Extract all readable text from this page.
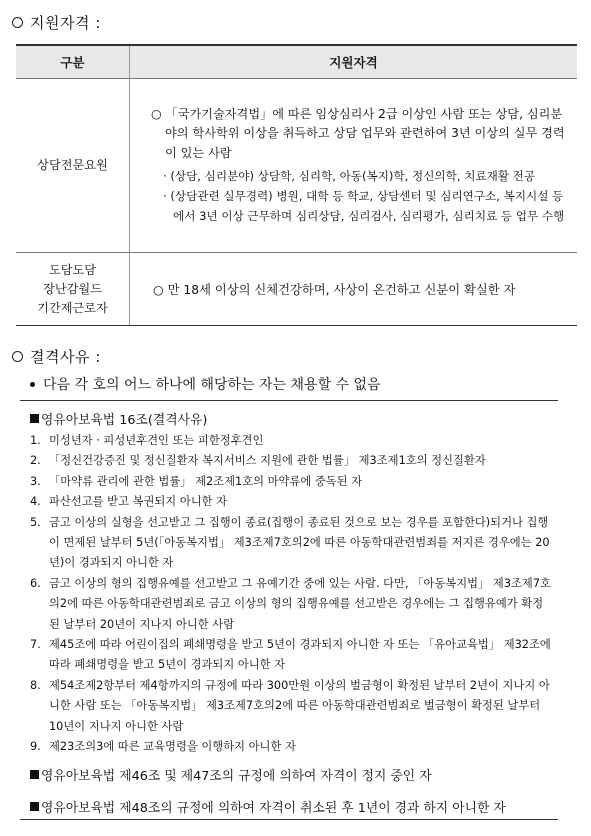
지원자격 :
구분	지원자격
상담전문요원	○ 「국가기술자격법」에 따른 임상심리사 2급 이상인 사람 또는 상담, 심리분야의 학사학위 이상을 취득하고 상담 업무와 관련하여 3년 이상의 실무 경력이 있는 사람
· (상담, 심리분야) 상담학, 심리학, 아동(복지)학, 정신의학, 치료재활 전공
· (상담관련 실무경력) 병원, 대학 등 학교, 상담센터 및 심리연구소, 복지시설 등에서 3년 이상 근무하며 심리상담, 심리검사, 심리평가, 심리치료 등 업무 수행

도담도담
장난감월드
기간제근로자	○ 만 18세 이상의 신체건강하며, 사상이 온건하고 신분이 확실한 자
결격사유 :
다음 각 호의 어느 하나에 해당하는 자는 채용할 수 없음
영유아보육법 16조(결격사유)
1. 미성년자 · 피성년후견인 또는 피한정후견인
2. 「정신건강증진 및 정신질환자 복지서비스 지원에 관한 법률」 제3조제1호의 정신질환자
3. 「마약류 관리에 관한 법률」 제2조제1호의 마약류에 중독된 자
4. 파산선고를 받고 복권되지 아니한 자
5. 금고 이상의 실형을 선고받고 그 집행이 종료(집행이 종료된 것으로 보는 경우를 포함한다)되거나 집행이 면제된 날부터 5년(「아동복지법」 제3조제7호의2에 따른 아동학대관련범죄를 저지른 경우에는 20년)이 경과되지 아니한 자
6. 금고 이상의 형의 집행유예를 선고받고 그 유예기간 중에 있는 사람. 다만, 「아동복지법」 제3조제7호의2에 따른 아동학대관련범죄로 금고 이상의 형의 집행유예를 선고받은 경우에는 그 집행유예가 확정된 날부터 20년이 지나지 아니한 사람
7. 제45조에 따라 어린이집의 폐쇄명령을 받고 5년이 경과되지 아니한 자 또는 「유아교육법」 제32조에 따라 폐쇄명령을 받고 5년이 경과되지 아니한 자
8. 제54조제2항부터 제4항까지의 규정에 따라 300만원 이상의 벌금형이 확정된 날부터 2년이 지나지 아니한 사람 또는 「아동복지법」 제3조제7호의2에 따른 아동학대관련범죄로 벌금형이 확정된 날부터 10년이 지나지 아니한 사람
9. 제23조의3에 따른 교육명령을 이행하지 아니한 자
영유아보육법 제46조 및 제47조의 규정에 의하여 자격이 정지 중인 자
영유아보육법 제48조의 규정에 의하여 자격이 취소된 후 1년이 경과 하지 아니한 자
